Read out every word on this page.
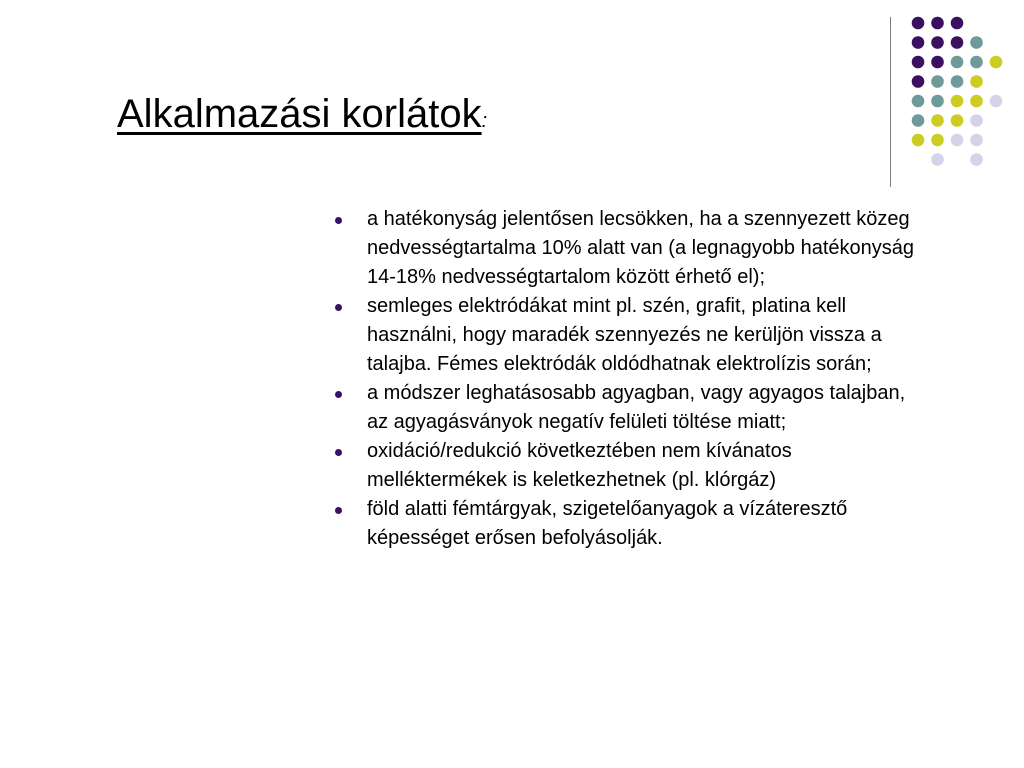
Alkalmazási korlátok:
a hatékonyság jelentősen lecsökken, ha a szennyezett közeg nedvességtartalma 10% alatt van (a legnagyobb hatékonyság 14-18% nedvességtartalom között érhető el);
semleges elektródákat mint pl. szén, grafit, platina kell használni, hogy maradék szennyezés ne kerüljön vissza a talajba. Fémes elektródák oldódhatnak elektrolízis során;
a módszer leghatásosabb agyagban, vagy agyagos talajban, az agyagásványok negatív felületi töltése miatt;
oxidáció/redukció következtében nem kívánatos melléktermékek is keletkezhetnek (pl. klórgáz)
föld alatti fémtárgyak, szigetelőanyagok a vízáteresztő képességet erősen befolyásolják.
